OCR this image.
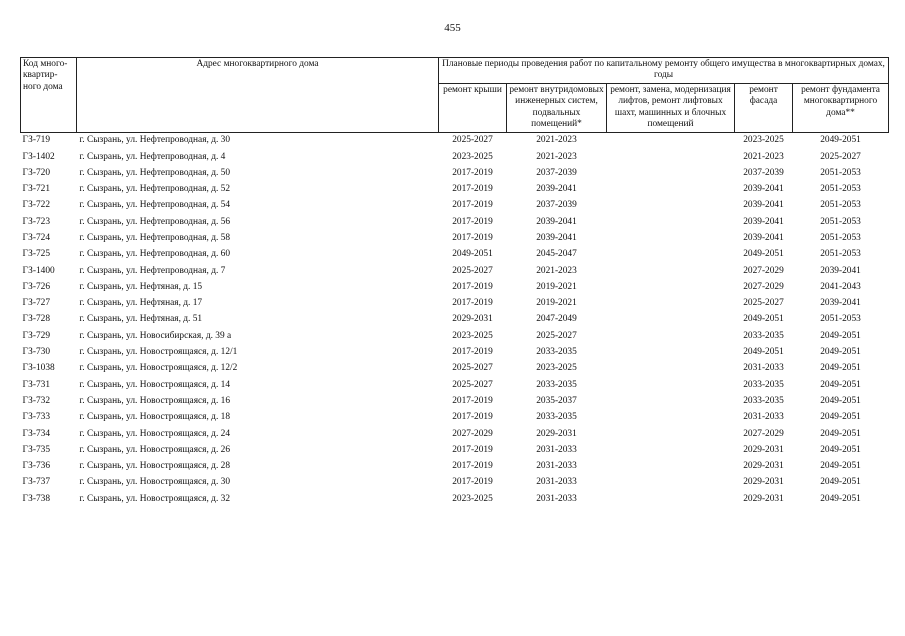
455
Код много-квартир-ного дома	Адрес многоквартирного дома	Плановые периоды проведения работ по капитальному ремонту общего имущества в многоквартирных домах, годы				
		ремонт крыши	ремонт внутридомовых инженерных систем, подвальных помещений*	ремонт, замена, модернизация лифтов, ремонт лифтовых шахт, машинных и блочных помещений	ремонт фасада	ремонт фундамента многоквартирного дома**
ГЗ-719	г. Сызрань, ул. Нефтепроводная, д. 30	2025-2027	2021-2023		2023-2025	2049-2051
ГЗ-1402	г. Сызрань, ул. Нефтепроводная, д. 4	2023-2025	2021-2023		2021-2023	2025-2027
ГЗ-720	г. Сызрань, ул. Нефтепроводная, д. 50	2017-2019	2037-2039		2037-2039	2051-2053
ГЗ-721	г. Сызрань, ул. Нефтепроводная, д. 52	2017-2019	2039-2041		2039-2041	2051-2053
ГЗ-722	г. Сызрань, ул. Нефтепроводная, д. 54	2017-2019	2037-2039		2039-2041	2051-2053
ГЗ-723	г. Сызрань, ул. Нефтепроводная, д. 56	2017-2019	2039-2041		2039-2041	2051-2053
ГЗ-724	г. Сызрань, ул. Нефтепроводная, д. 58	2017-2019	2039-2041		2039-2041	2051-2053
ГЗ-725	г. Сызрань, ул. Нефтепроводная, д. 60	2049-2051	2045-2047		2049-2051	2051-2053
ГЗ-1400	г. Сызрань, ул. Нефтепроводная, д. 7	2025-2027	2021-2023		2027-2029	2039-2041
ГЗ-726	г. Сызрань, ул. Нефтяная, д. 15	2017-2019	2019-2021		2027-2029	2041-2043
ГЗ-727	г. Сызрань, ул. Нефтяная, д. 17	2017-2019	2019-2021		2025-2027	2039-2041
ГЗ-728	г. Сызрань, ул. Нефтяная, д. 51	2029-2031	2047-2049		2049-2051	2051-2053
ГЗ-729	г. Сызрань, ул. Новосибирская, д. 39 а	2023-2025	2025-2027		2033-2035	2049-2051
ГЗ-730	г. Сызрань, ул. Новостроящаяся, д. 12/1	2017-2019	2033-2035		2049-2051	2049-2051
ГЗ-1038	г. Сызрань, ул. Новостроящаяся, д. 12/2	2025-2027	2023-2025		2031-2033	2049-2051
ГЗ-731	г. Сызрань, ул. Новостроящаяся, д. 14	2025-2027	2033-2035		2033-2035	2049-2051
ГЗ-732	г. Сызрань, ул. Новостроящаяся, д. 16	2017-2019	2035-2037		2033-2035	2049-2051
ГЗ-733	г. Сызрань, ул. Новостроящаяся, д. 18	2017-2019	2033-2035		2031-2033	2049-2051
ГЗ-734	г. Сызрань, ул. Новостроящаяся, д. 24	2027-2029	2029-2031		2027-2029	2049-2051
ГЗ-735	г. Сызрань, ул. Новостроящаяся, д. 26	2017-2019	2031-2033		2029-2031	2049-2051
ГЗ-736	г. Сызрань, ул. Новостроящаяся, д. 28	2017-2019	2031-2033		2029-2031	2049-2051
ГЗ-737	г. Сызрань, ул. Новостроящаяся, д. 30	2017-2019	2031-2033		2029-2031	2049-2051
ГЗ-738	г. Сызрань, ул. Новостроящаяся, д. 32	2023-2025	2031-2033		2029-2031	2049-2051
